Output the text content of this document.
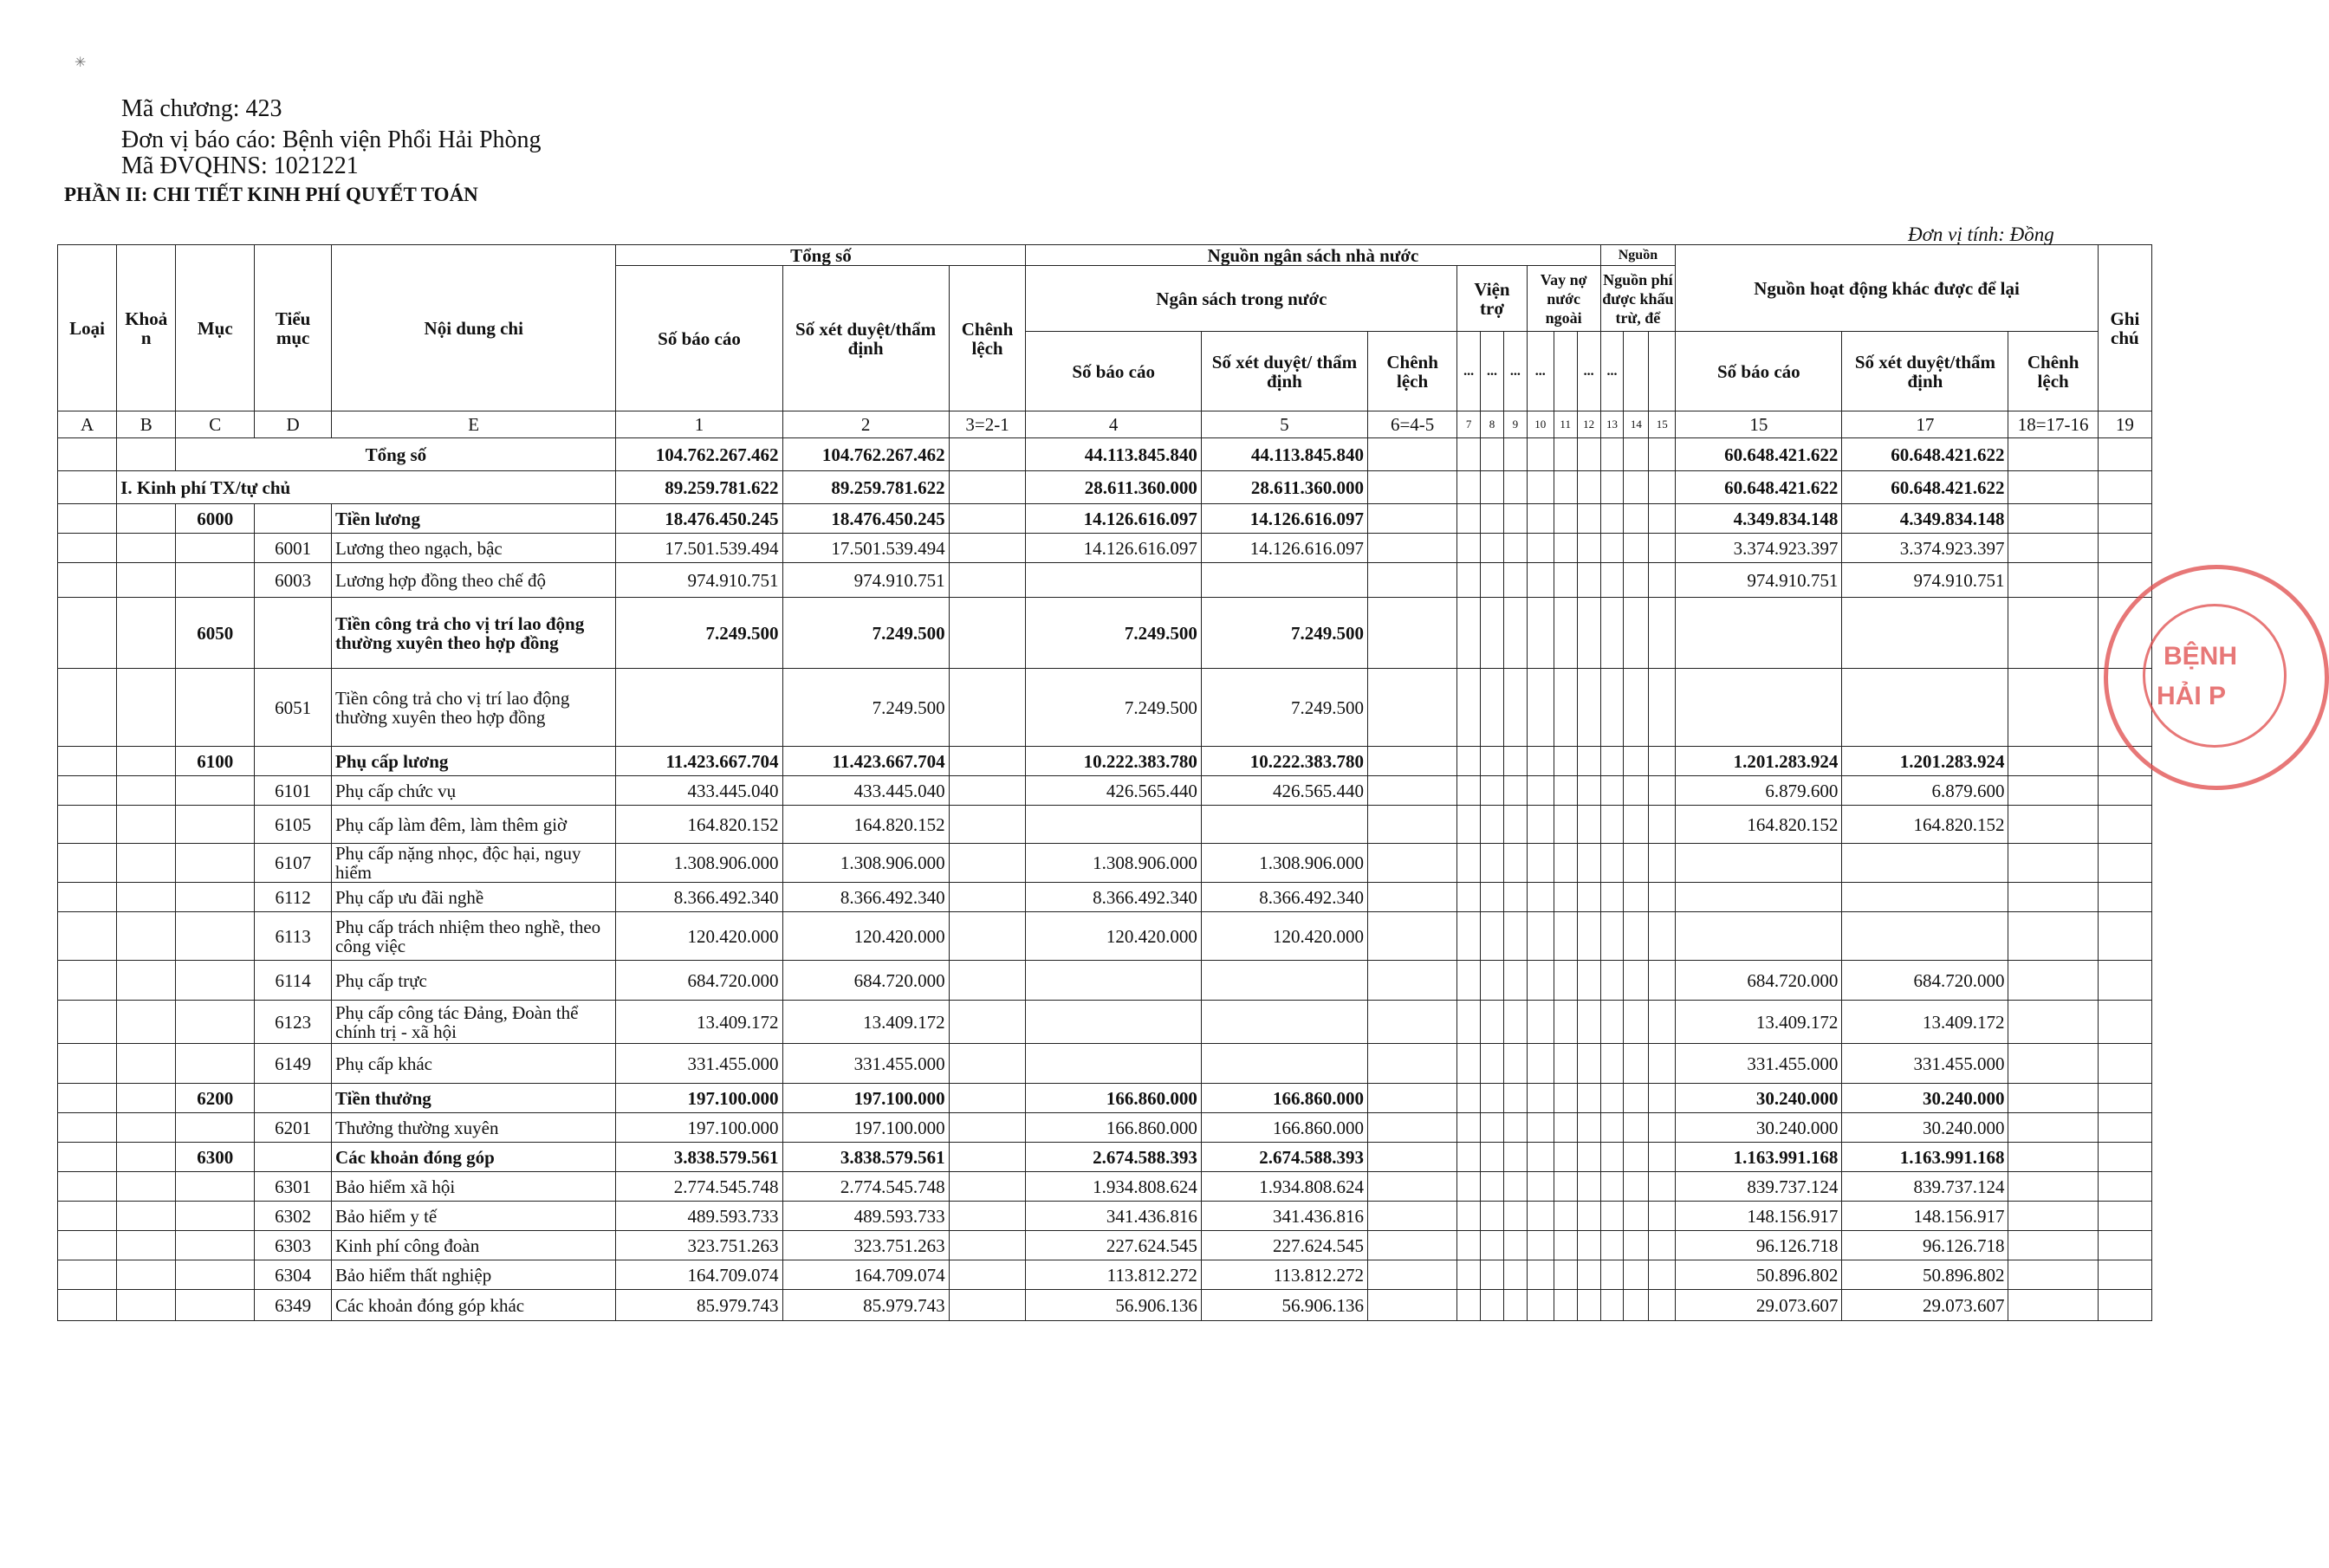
✳
Mã chương: 423
Đơn vị báo cáo: Bệnh viện Phổi Hải Phòng
Mã ĐVQHNS: 1021221
PHẦN II: CHI TIẾT KINH PHÍ QUYẾT TOÁN
Đơn vị tính: Đồng
Loại	Khoả n	Mục	Tiểu mục	Nội dung chi	Tổng số			Nguồn ngân sách nhà nước									Nguồn			Nguồn hoạt động khác được để lại			Ghi chú
					Số báo cáo	Số xét duyệt/thẩm định	Chênh lệch	Ngân sách trong nước			Viện trợ			Vay nợ nước ngoài			Nguồn phí được khấu trừ, để						
								Số báo cáo	Số xét duyệt/ thẩm định	Chênh lệch	...	...	...	...		...	...			Số báo cáo	Số xét duyệt/thẩm định	Chênh lệch	
A	B	C	D	E	1	2	3=2-1	4	5	6=4-5	7	8	9	10	11	12	13	14	15	15	17	18=17-16	19
		Tổng số			104.762.267.462	104.762.267.462		44.113.845.840	44.113.845.840											60.648.421.622	60.648.421.622		
	I. Kinh phí TX/tự chủ				89.259.781.622	89.259.781.622		28.611.360.000	28.611.360.000											60.648.421.622	60.648.421.622		
		6000		Tiền lương	18.476.450.245	18.476.450.245		14.126.616.097	14.126.616.097											4.349.834.148	4.349.834.148		
			6001	Lương theo ngạch, bậc	17.501.539.494	17.501.539.494		14.126.616.097	14.126.616.097											3.374.923.397	3.374.923.397		
			6003	Lương hợp đồng theo chế độ	974.910.751	974.910.751														974.910.751	974.910.751		
		6050		Tiền công trả cho vị trí lao động thường xuyên theo hợp đồng	7.249.500	7.249.500		7.249.500	7.249.500														
			6051	Tiền công trả cho vị trí lao động thường xuyên theo hợp đồng		7.249.500		7.249.500	7.249.500														
		6100		Phụ cấp lương	11.423.667.704	11.423.667.704		10.222.383.780	10.222.383.780											1.201.283.924	1.201.283.924		
			6101	Phụ cấp chức vụ	433.445.040	433.445.040		426.565.440	426.565.440											6.879.600	6.879.600		
			6105	Phụ cấp làm đêm, làm thêm giờ	164.820.152	164.820.152														164.820.152	164.820.152		
			6107	Phụ cấp nặng nhọc, độc hại, nguy hiểm	1.308.906.000	1.308.906.000		1.308.906.000	1.308.906.000														
			6112	Phụ cấp ưu đãi nghề	8.366.492.340	8.366.492.340		8.366.492.340	8.366.492.340														
			6113	Phụ cấp trách nhiệm theo nghề, theo công việc	120.420.000	120.420.000		120.420.000	120.420.000														
			6114	Phụ cấp trực	684.720.000	684.720.000														684.720.000	684.720.000		
			6123	Phụ cấp công tác Đảng, Đoàn thể chính trị - xã hội	13.409.172	13.409.172														13.409.172	13.409.172		
			6149	Phụ cấp khác	331.455.000	331.455.000														331.455.000	331.455.000		
		6200		Tiền thưởng	197.100.000	197.100.000		166.860.000	166.860.000											30.240.000	30.240.000		
			6201	Thưởng thường xuyên	197.100.000	197.100.000		166.860.000	166.860.000											30.240.000	30.240.000		
		6300		Các khoản đóng góp	3.838.579.561	3.838.579.561		2.674.588.393	2.674.588.393											1.163.991.168	1.163.991.168		
			6301	Bảo hiểm xã hội	2.774.545.748	2.774.545.748		1.934.808.624	1.934.808.624											839.737.124	839.737.124		
			6302	Bảo hiểm y tế	489.593.733	489.593.733		341.436.816	341.436.816											148.156.917	148.156.917		
			6303	Kinh phí công đoàn	323.751.263	323.751.263		227.624.545	227.624.545											96.126.718	96.126.718		
			6304	Bảo hiểm thất nghiệp	164.709.074	164.709.074		113.812.272	113.812.272											50.896.802	50.896.802		
			6349	Các khoản đóng góp khác	85.979.743	85.979.743		56.906.136	56.906.136											29.073.607	29.073.607		
BỆNH
HẢI P
